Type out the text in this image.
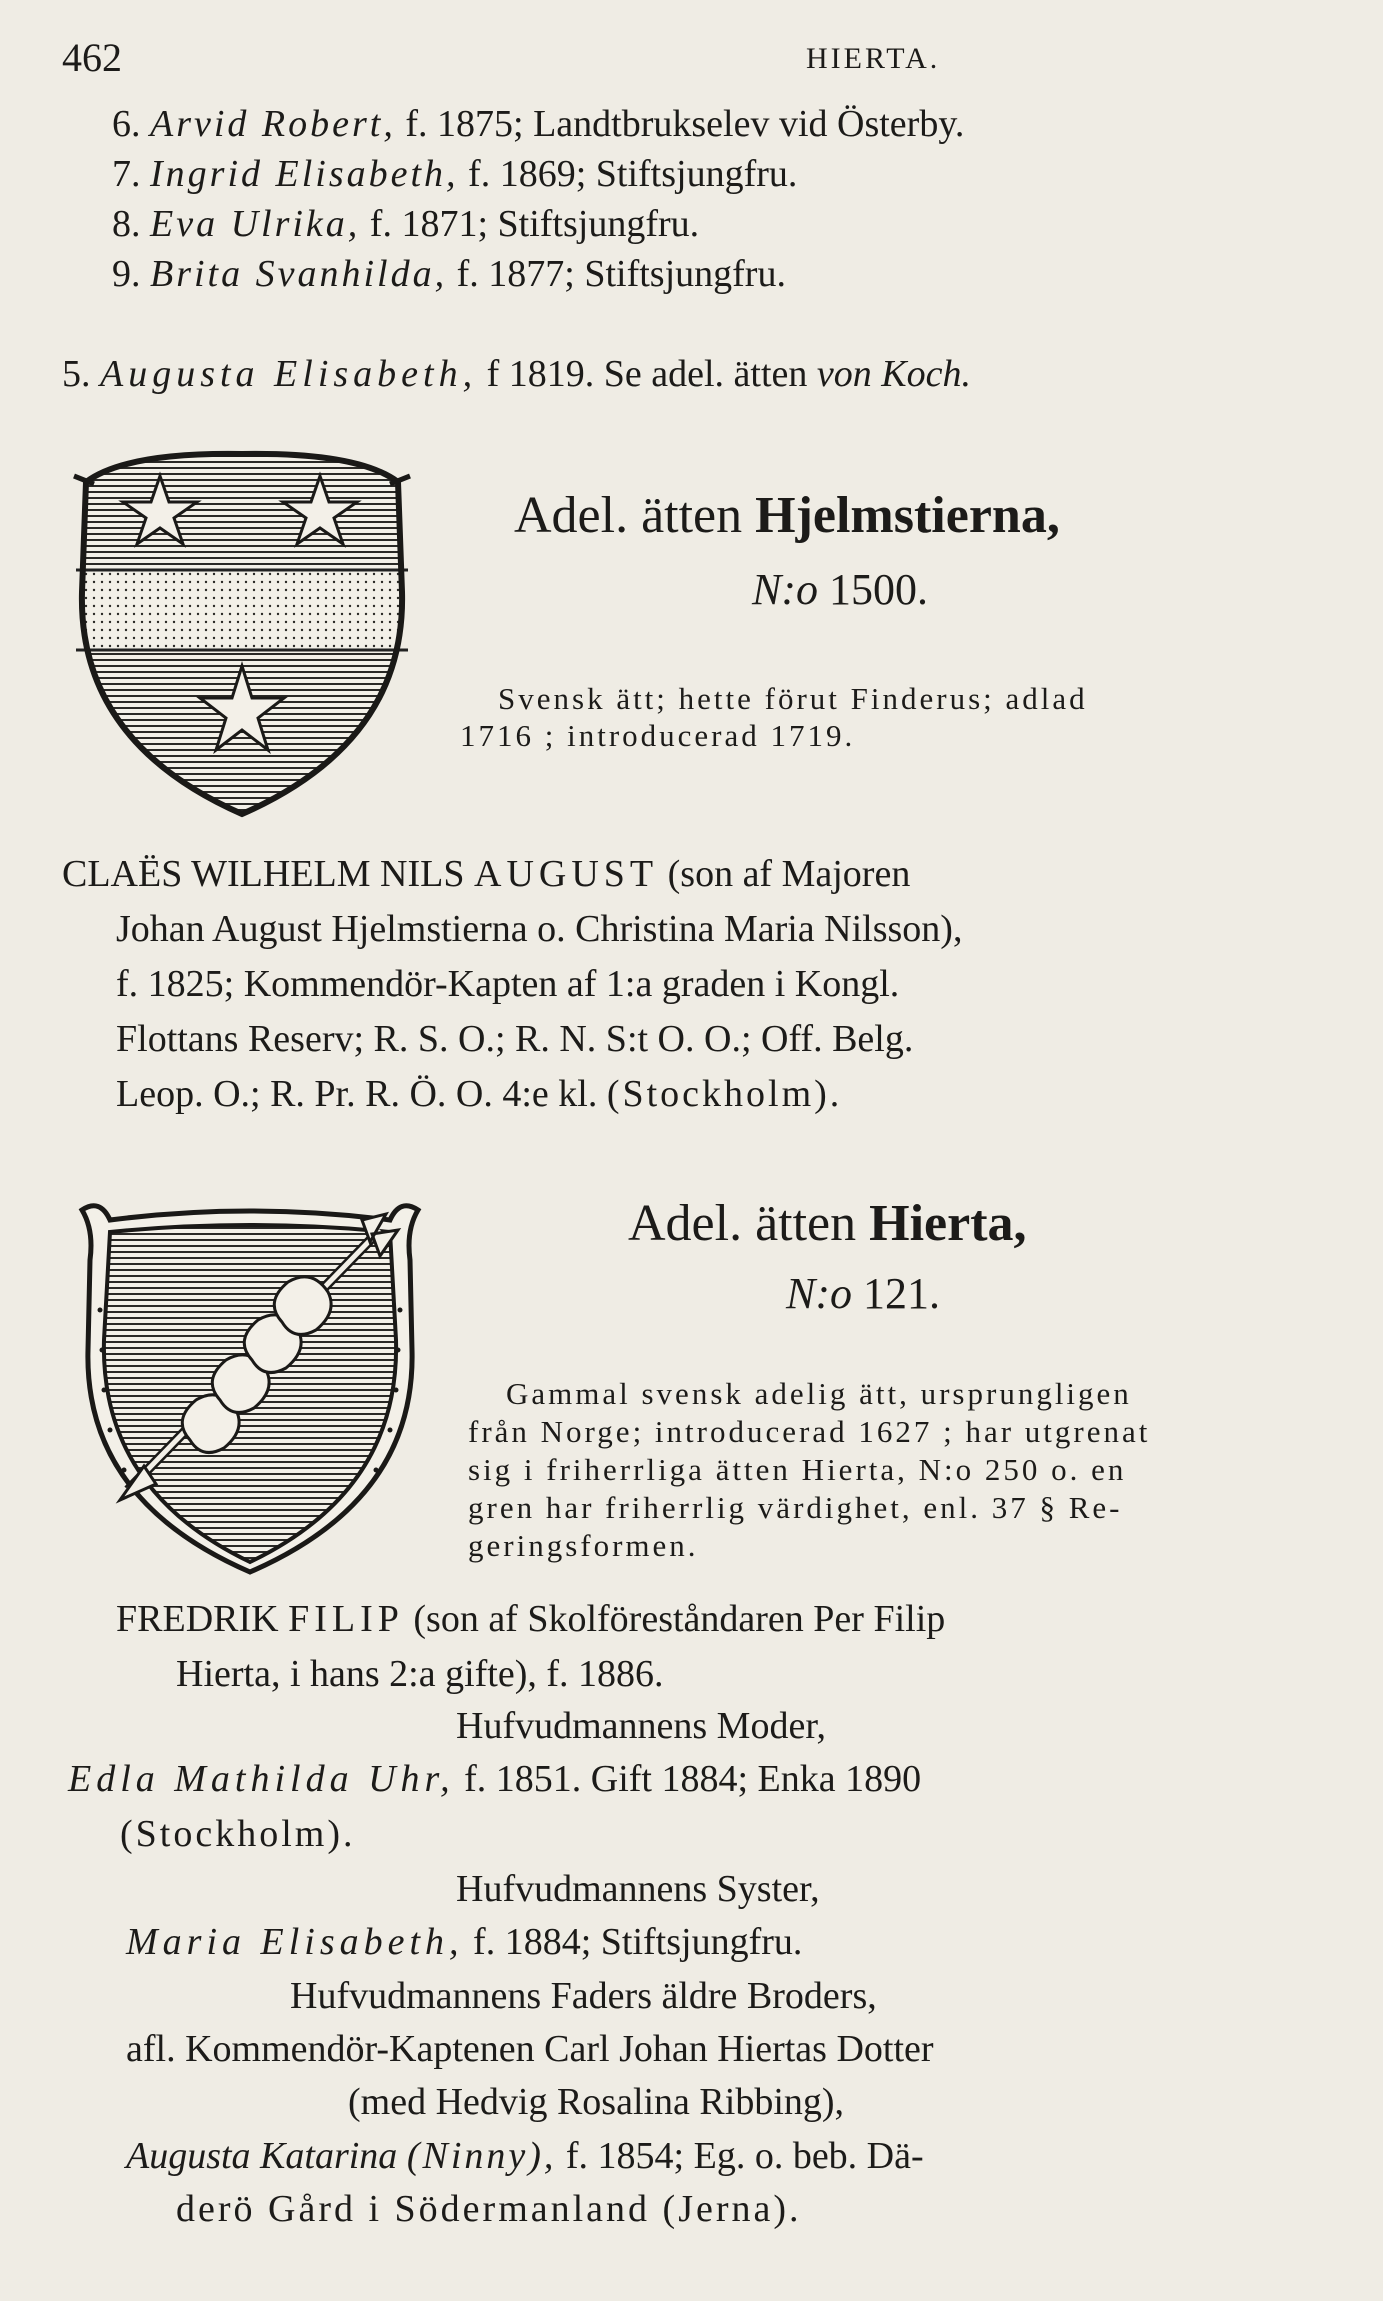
462	HIERTA.
6. Arvid Robert, f. 1875; Landtbrukselev vid Österby.
7. Ingrid Elisabeth, f. 1869; Stiftsjungfru.
8. Eva Ulrika, f. 1871; Stiftsjungfru.
9. Brita Svanhilda, f. 1877; Stiftsjungfru.
5. Augusta Elisabeth, f 1819. Se adel. ätten von Koch.
Adel. ätten Hjelmstierna,
N:o 1500.
Svensk ätt; hette förut Finderus; adlad
1716 ; introducerad 1719.
CLAËS WILHELM NILS AUGUST (son af Majoren
Johan August Hjelmstierna o. Christina Maria Nilsson),
f. 1825; Kommendör-Kapten af 1:a graden i Kongl.
Flottans Reserv; R. S. O.; R. N. S:t O. O.; Off. Belg.
Leop. O.; R. Pr. R. Ö. O. 4:e kl. (Stockholm).
Adel. ätten Hierta,
N:o 121.
Gammal svensk adelig ätt, ursprungligen
från Norge; introducerad 1627 ; har utgrenat
sig i friherrliga ätten Hierta, N:o 250 o. en
gren har friherrlig värdighet, enl. 37 § Re-
geringsformen.
FREDRIK FILIP (son af Skolföreståndaren Per Filip
Hierta, i hans 2:a gifte), f. 1886.
Hufvudmannens Moder,
Edla Mathilda Uhr, f. 1851. Gift 1884; Enka 1890
(Stockholm).
Hufvudmannens Syster,
Maria Elisabeth, f. 1884; Stiftsjungfru.
Hufvudmannens Faders äldre Broders,
afl. Kommendör-Kaptenen Carl Johan Hiertas Dotter
(med Hedvig Rosalina Ribbing),
Augusta Katarina (Ninny), f. 1854; Eg. o. beb. Dä-
derö Gård i Södermanland (Jerna).
